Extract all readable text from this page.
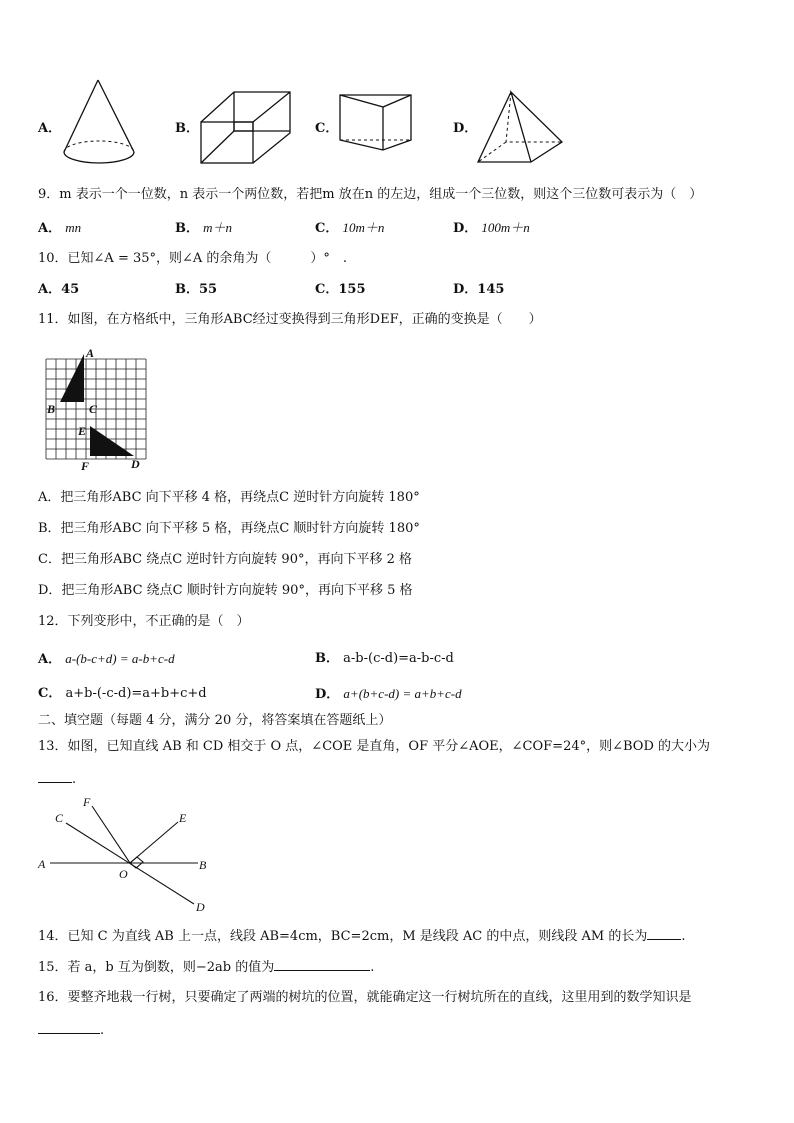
A．	B．	C．	D．
9．m 表示一个一位数，n 表示一个两位数，若把m 放在n 的左边，组成一个三位数，则这个三位数可表示为（　）
A． mn	B． m＋n	C． 10m＋n	D． 100m＋n
10．已知∠A = 35°，则∠A 的余角为（　　　）°　.
A．45	B．55	C．155	D．145
11．如图，在方格纸中，三角形ABC经过变换得到三角形DEF，正确的变换是（　　）
A
B	C
E
F	D
A．把三角形ABC 向下平移 4 格，再绕点C 逆时针方向旋转 180°
B．把三角形ABC 向下平移 5 格，再绕点C 顺时针方向旋转 180°
C．把三角形ABC 绕点C 逆时针方向旋转 90°，再向下平移 2 格
D．把三角形ABC 绕点C 顺时针方向旋转 90°，再向下平移 5 格
12．下列变形中，不正确的是（　）
A． a-(b-c+d) = a-b+c-d	B． a-b-(c-d)=a-b-c-d
C． a+b-(-c-d)=a+b+c+d	D． a+(b+c-d) = a+b+c-d
二、填空题（每题 4 分，满分 20 分，将答案填在答题纸上）
13．如图，已知直线 AB 和 CD 相交于 O 点，∠COE 是直角，OF 平分∠AOE，∠COF=24°，则∠BOD 的大小为
.
F
C	E
A	B
O
D
14．已知 C 为直线 AB 上一点，线段 AB=4cm，BC=2cm，M 是线段 AC 的中点，则线段 AM 的长为	.
15．若 a，b 互为倒数，则−2ab 的值为	.
16．要整齐地栽一行树，只要确定了两端的树坑的位置，就能确定这一行树坑所在的直线，这里用到的数学知识是
.
